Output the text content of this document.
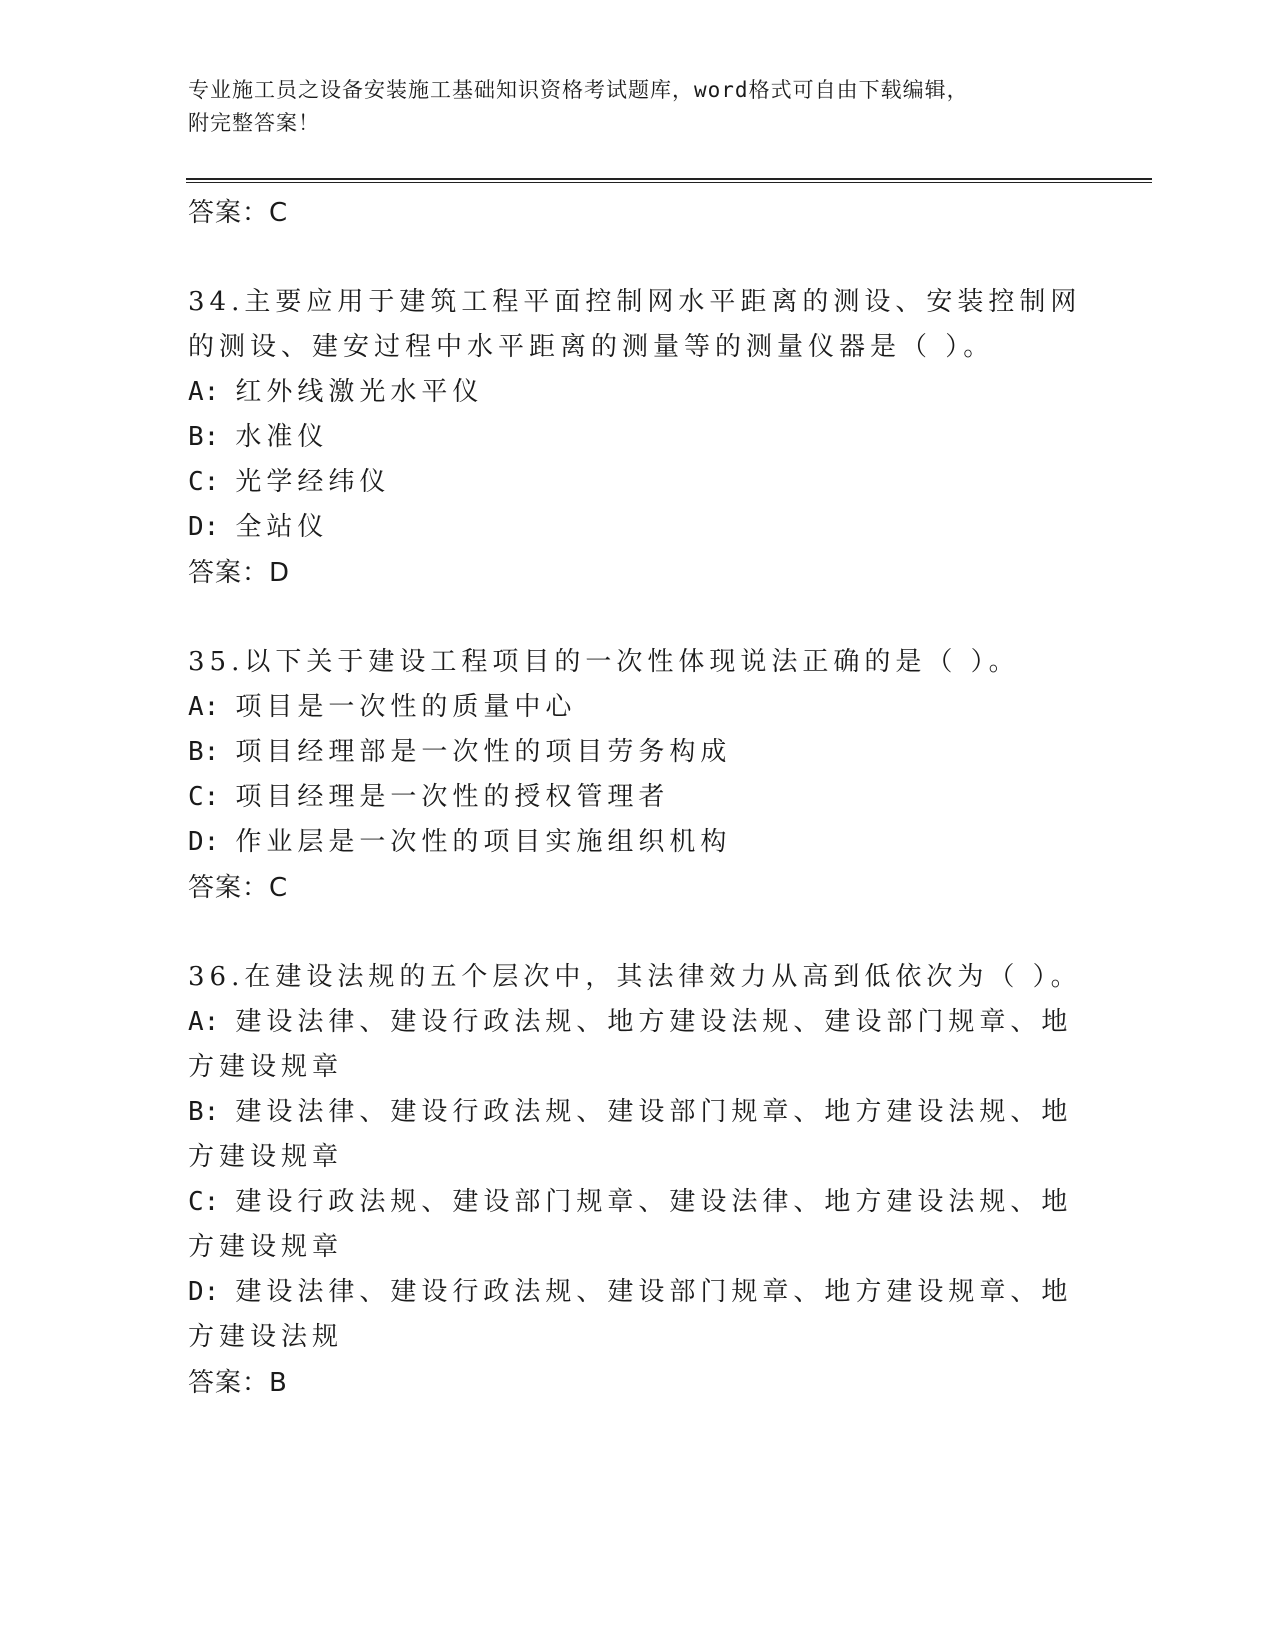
专业施工员之设备安装施工基础知识资格考试题库，word格式可自由下载编辑，
附完整答案！

答案：C

34.主要应用于建筑工程平面控制网水平距离的测设、安装控制网的测设、建安过程中水平距离的测量等的测量仪器是（ ）。

A: 红外线激光水平仪

B: 水准仪

C: 光学经纬仪

D: 全站仪

答案：D

35.以下关于建设工程项目的一次性体现说法正确的是（ ）。

A: 项目是一次性的质量中心

B: 项目经理部是一次性的项目劳务构成

C: 项目经理是一次性的授权管理者

D: 作业层是一次性的项目实施组织机构

答案：C

36.在建设法规的五个层次中，其法律效力从高到低依次为（ ）。

A: 建设法律、建设行政法规、地方建设法规、建设部门规章、地方建设规章

B: 建设法律、建设行政法规、建设部门规章、地方建设法规、地方建设规章

C: 建设行政法规、建设部门规章、建设法律、地方建设法规、地方建设规章

D: 建设法律、建设行政法规、建设部门规章、地方建设规章、地方建设法规

答案：B
